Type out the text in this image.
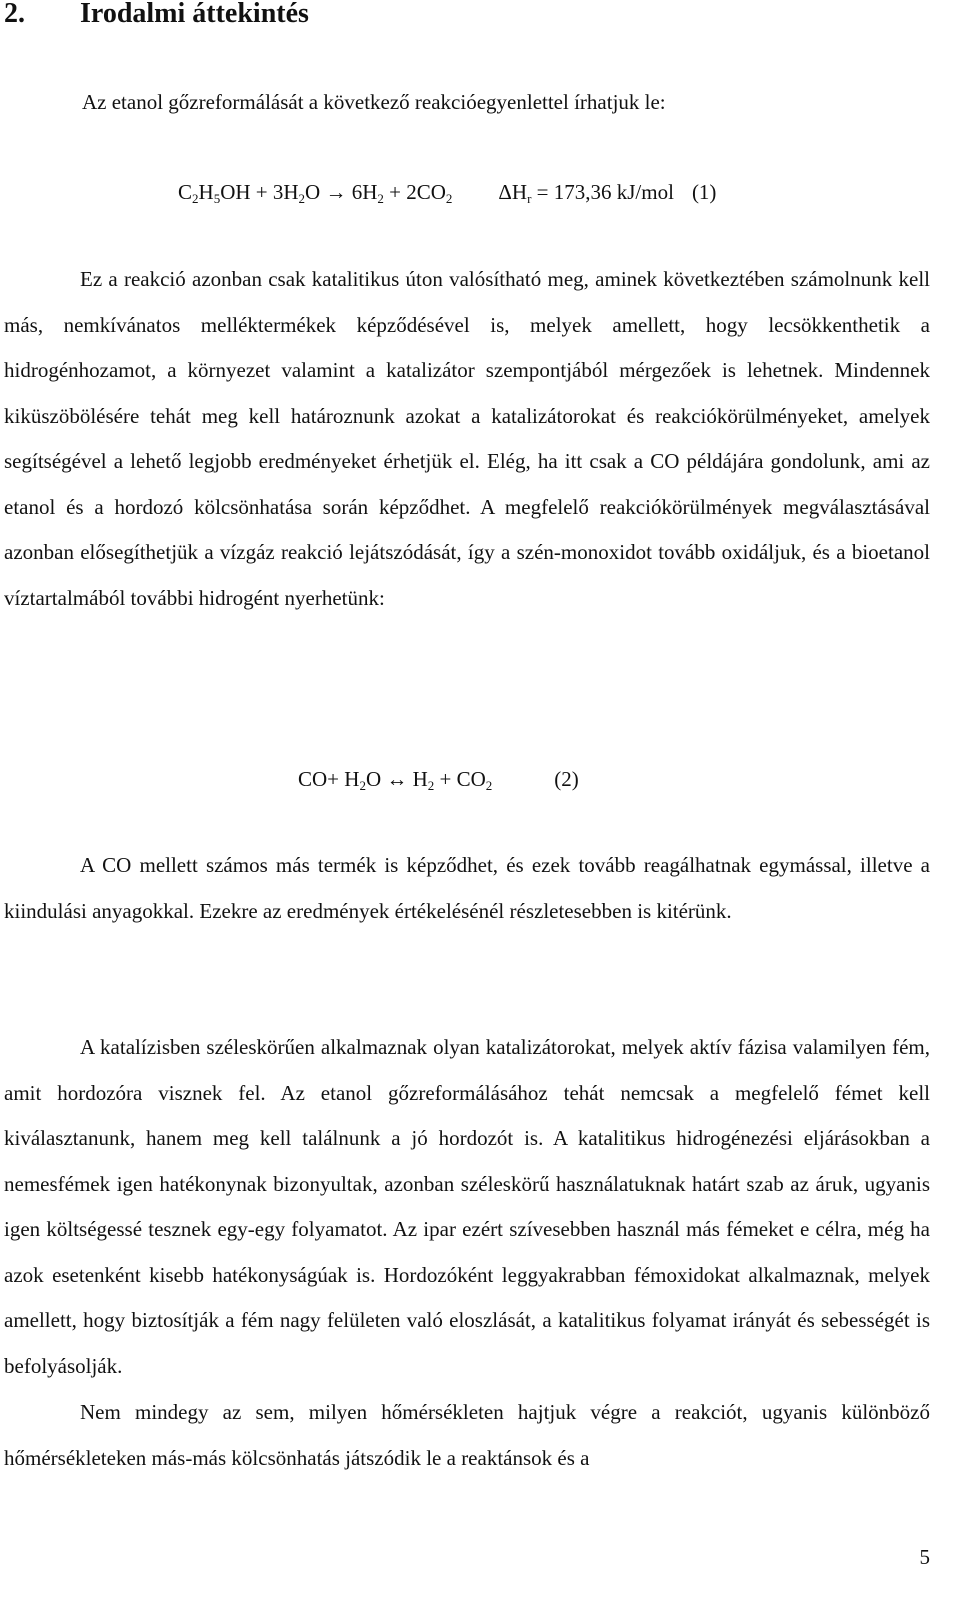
2. Irodalmi áttekintés

Az etanol gőzreformálását a következő reakcióegyenlettel írhatjuk le:

$C_2H_5OH + 3H_2O \to 6H_2 + 2CO_2$ $\Delta H_r = 173,36$ kJ/mol (1)

Ez a reakció azonban csak katalitikus úton valósítható meg, aminek következtében számolnunk kell más, nemkívánatos melléktermékek képződésével is, melyek amellett, hogy lecsökkenthetik a hidrogénhozamot, a környezet valamint a katalizátor szempontjából mérgezőek is lehetnek. Mindennek kiküszöbölésére tehát meg kell határoznunk azokat a katalizátorokat és reakciókörülményeket, amelyek segítségével a lehető legjobb eredményeket érhetjük el. Elég, ha itt csak a CO példájára gondolunk, ami az etanol és a hordozó kölcsönhatása során képződhet. A megfelelő reakciókörülmények megválasztásával azonban elősegíthetjük a vízgáz reakció lejátszódását, így a szén-monoxidot tovább oxidáljuk, és a bioetanol víztartalmából további hidrogént nyerhetünk:

$CO+ H_2O$ ↔ $H_2 + CO_2$	(2)

A CO mellett számos más termék is képződhet, és ezek tovább reagálhatnak egymással, illetve a kiindulási anyagokkal. Ezekre az eredmények értékelésénél részletesebben is kitérünk.

A katalízisben széleskörűen alkalmaznak olyan katalizátorokat, melyek aktív fázisa valamilyen fém, amit hordozóra visznek fel. Az etanol gőzreformálásához tehát nemcsak a megfelelő fémet kell kiválasztanunk, hanem meg kell találnunk a jó hordozót is. A katalitikus hidrogénezési eljárásokban a nemesfémek igen hatékonynak bizonyultak, azonban széleskörű használatuknak határt szab az áruk, ugyanis igen költségessé tesznek egy-egy folyamatot. Az ipar ezért szívesebben használ más fémeket e célra, még ha azok esetenként kisebb hatékonyságúak is. Hordozóként leggyakrabban fémoxidokat alkalmaznak, melyek amellett, hogy biztosítják a fém nagy felületen való eloszlását, a katalitikus folyamat irányát és sebességét is befolyásolják.

Nem mindegy az sem, milyen hőmérsékleten hajtjuk végre a reakciót, ugyanis különböző hőmérsékleteken más-más kölcsönhatás játszódik le a reaktánsok és a

5
